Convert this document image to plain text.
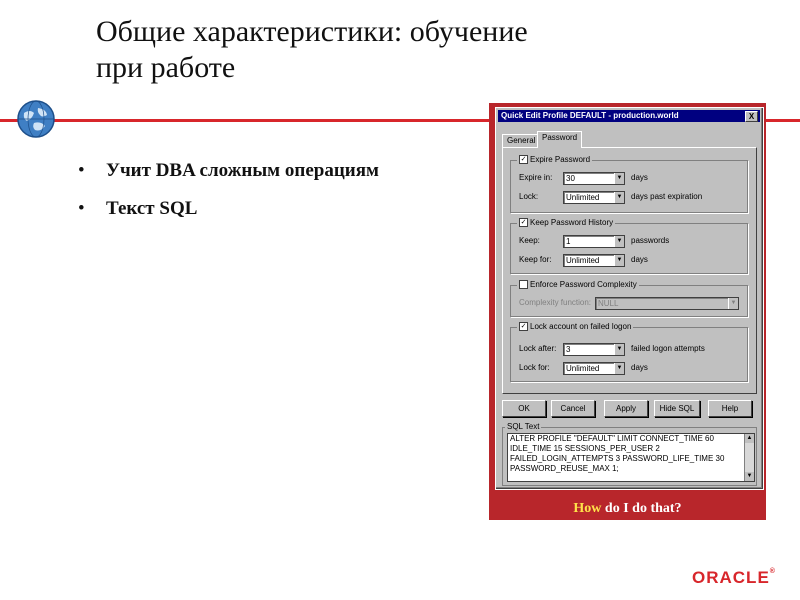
Общие характеристики: обучение
при работе
• Учит DBA сложным операциям
• Текст SQL
Quick Edit Profile DEFAULT - production.world	X
General Password
✓ Expire Password
Expire in:	30	▼ days
Lock:	Unlimited	▼ days past expiration
✓ Keep Password History
Keep:	1	▼ passwords
Keep for:	Unlimited	▼ days
Enforce Password Complexity
Complexity function: NULL	▼
✓ Lock account on failed logon
Lock after:	3	▼ failed logon attempts
Lock for:	Unlimited	▼ days
OK	Cancel	Apply	Hide SQL	Help
SQL Text
ALTER PROFILE "DEFAULT" LIMIT CONNECT_TIME 60
IDLE_TIME 15 SESSIONS_PER_USER 2
FAILED_LOGIN_ATTEMPTS 3 PASSWORD_LIFE_TIME 30
PASSWORD_REUSE_MAX 1;
▲
▼
How do I do that?
ORACLE®
